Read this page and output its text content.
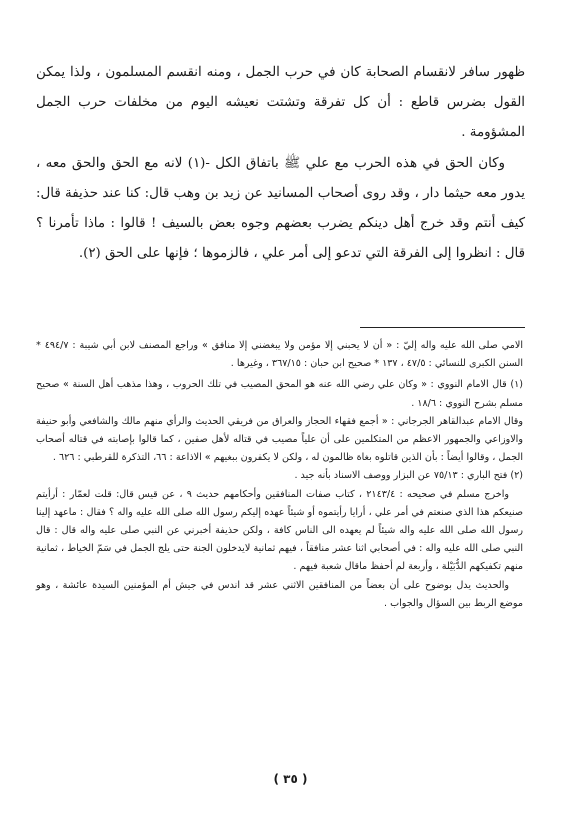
ظهور سافر لانقسام الصحابة كان في حرب الجمل ، ومنه انقسم المسلمون ، ولذا يمكن القول بضرس قاطع : أن كل تفرقة وتشتت نعيشه اليوم من مخلفات حرب الجمل المشؤومة .

وكان الحق في هذه الحرب مع علي ﷺ باتفاق الكل -(١) لانه مع الحق والحق معه ، يدور معه حيثما دار ، وقد روى أصحاب المسانيد عن زيد بن وهب قال: كنا عند حذيفة قال: كيف أنتم وقد خرج أهل دينكم يضرب بعضهم وجوه بعض بالسيف ! قالوا : ماذا تأمرنا ؟ قال : انظروا إلى الفرقة التي تدعو إلى أمر علي ، فالزموها ؛ فإنها على الحق (٢).

الامي صلى الله عليه واله إليّ : « أن لا يحبني إلا مؤمن ولا يبغضني إلا منافق » وراجع المصنف لابن أبي شيبة : ٤٩٤/٧ * السنن الكبرى للنسائي : ٤٧/٥ ، ١٣٧ * صحيح ابن حبان : ٣٦٧/١٥ ، وغيرها .

(١) قال الامام النووي : « وكان علي رضي الله عنه هو المحق المصيب في تلك الحروب ، وهذا مذهب أهل السنة » صحيح مسلم بشرح النووي : ١٨/٦ .

وقال الامام عبدالقاهر الجرجاني : « أجمع فقهاء الحجاز والعراق من فريقي الحديث والرأي منهم مالك والشافعي وأبو حنيفة والاوزاعي والجمهور الاعظم من المتكلمين على أن علياً مصيب في قتاله لأهل صفين ، كما قالوا بإصابته في قتاله أصحاب الجمل ، وقالوا أيضاً : بأن الذين قاتلوه بغاة ظالمون له ، ولكن لا يكفرون ببغيهم » الاذاعة : ٦٦، التذكرة للقرطبي : ٦٢٦ .

(٢) فتح الباري : ٧٥/١٣ عن البزار ووصف الاسناد بأنه جيد .

واخرج مسلم في صحيحه : ٢١٤٣/٤ ، كتاب صفات المنافقين وأحكامهم حديث ٩ ، عن قيس قال: قلت لعمّار : أرأيتم صنيعكم هذا الذي صنعتم في أمر علي ، أرايا رأيتموه أو شيئاً عهده إليكم رسول الله صلى الله عليه واله ؟ فقال : ماعهد إلينا رسول الله صلى الله عليه واله شيئاً لم يعهده الى الناس كافة ، ولكن حذيفة أخبرني عن النبي صلى عليه واله قال : قال النبي صلى الله عليه واله : في أصحابي اثنا عشر منافقاً ، فيهم ثمانية لايدخلون الجنة حتى يلج الجمل في سَمّ الخياط ، ثمانية منهم تكفيكهم الدُّبَيْلة ، وأربعة لم أحفظ ماقال شعبة فيهم .

والحديث يدل بوضوح على أن بعضاً من المنافقين الاثني عشر قد اندس في جيش أم المؤمنين السيدة عائشة ، وهو موضع الربط بين السؤال والجواب .

( ٣٥ )
